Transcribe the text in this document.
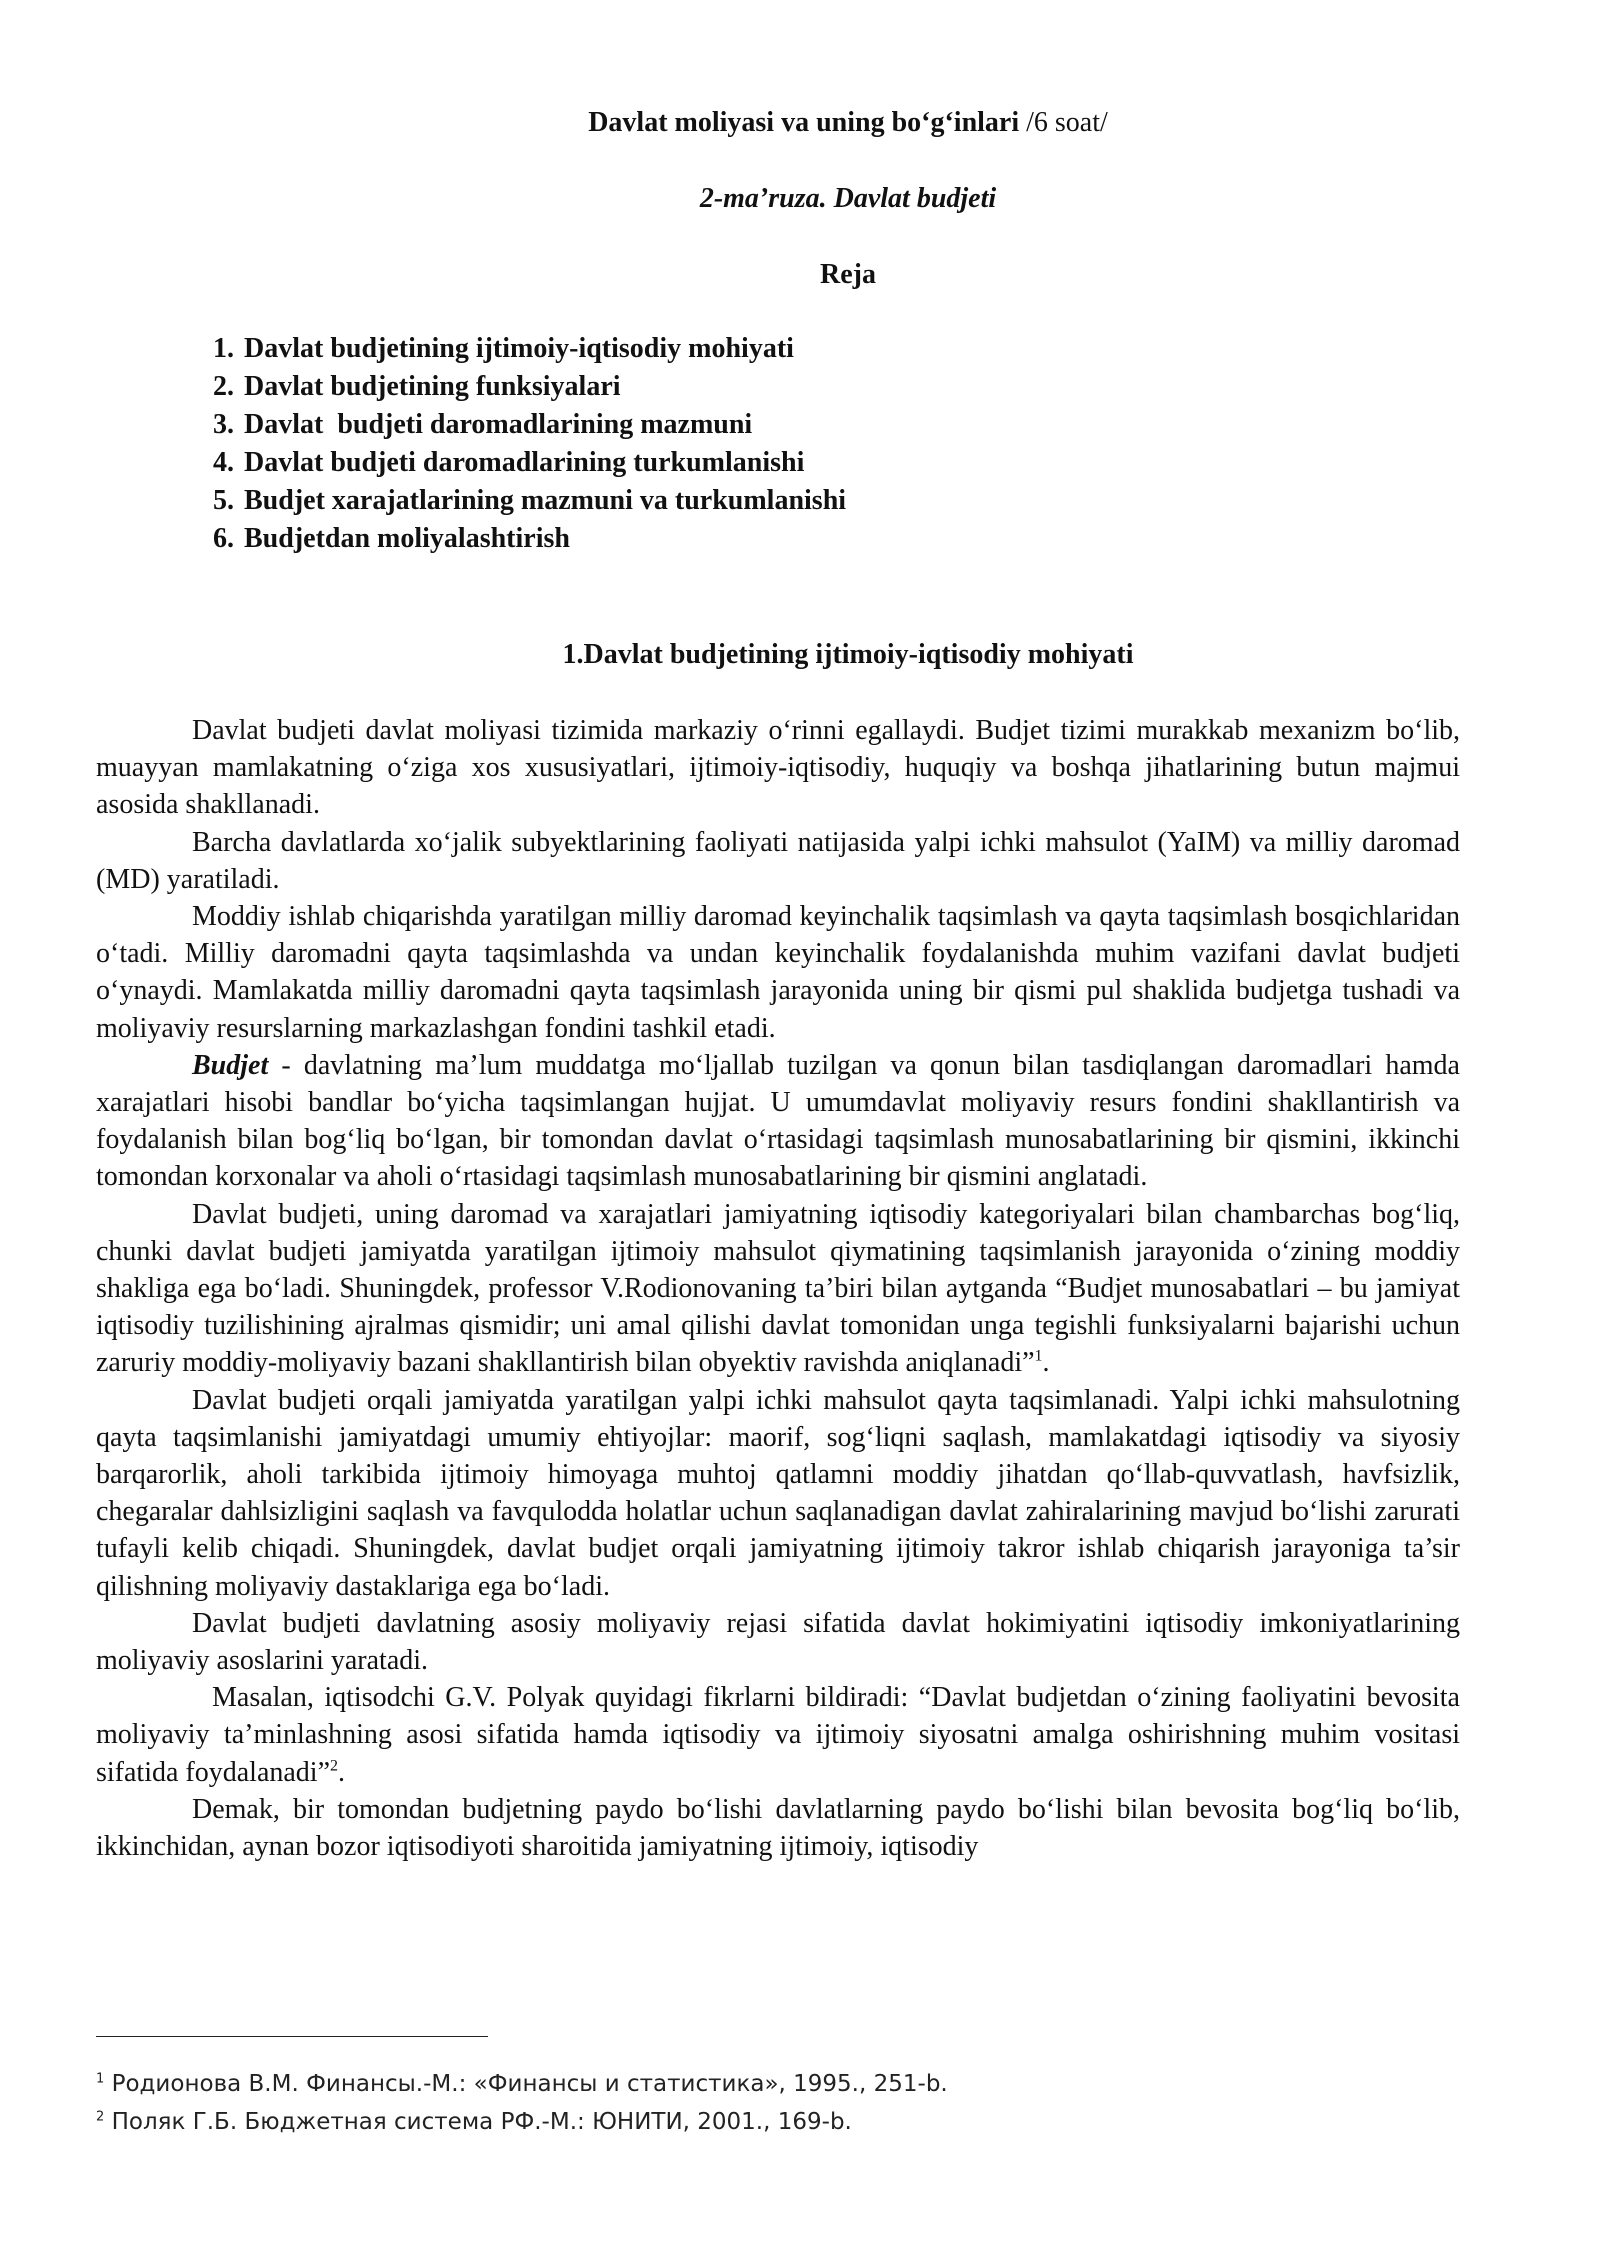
Davlat moliyasi va uning bo‘g‘inlari /6 soat/

2-ma’ruza. Davlat budjeti

Reja

1. Davlat budjetining ijtimoiy-iqtisodiy mohiyati
2. Davlat budjetining funksiyalari
3. Davlat  budjeti daromadlarining mazmuni
4. Davlat budjeti daromadlarining turkumlanishi
5. Budjet xarajatlarining mazmuni va turkumlanishi
6. Budjetdan moliyalashtirish

1.Davlat budjetining ijtimoiy-iqtisodiy mohiyati

Davlat budjeti davlat moliyasi tizimida markaziy o‘rinni egallaydi. Budjet tizimi murakkab mexanizm bo‘lib, muayyan mamlakatning o‘ziga xos xususiyatlari, ijtimoiy-iqtisodiy, huquqiy va boshqa jihatlarining butun majmui asosida shakllanadi.

Barcha davlatlarda xo‘jalik subyektlarining faoliyati natijasida yalpi ichki mahsulot (YaIM) va milliy daromad (MD) yaratiladi.

Moddiy ishlab chiqarishda yaratilgan milliy daromad keyinchalik taqsimlash va qayta taqsimlash bosqichlaridan o‘tadi. Milliy daromadni qayta taqsimlashda va undan keyinchalik foydalanishda muhim vazifani davlat budjeti o‘ynaydi. Mamlakatda milliy daromadni qayta taqsimlash jarayonida uning bir qismi pul shaklida budjetga tushadi va moliyaviy resurslarning markazlashgan fondini tashkil etadi.

Budjet - davlatning ma’lum muddatga mo‘ljallab tuzilgan va qonun bilan tasdiqlangan daromadlari hamda xarajatlari hisobi bandlar bo‘yicha taqsimlangan hujjat. U umumdavlat moliyaviy resurs fondini shakllantirish va foydalanish bilan bog‘liq bo‘lgan, bir tomondan davlat o‘rtasidagi taqsimlash munosabatlarining bir qismini, ikkinchi tomondan korxonalar va aholi o‘rtasidagi taqsimlash munosabatlarining bir qismini anglatadi.

Davlat budjeti, uning daromad va xarajatlari jamiyatning iqtisodiy kategoriyalari bilan chambarchas bog‘liq, chunki davlat budjeti jamiyatda yaratilgan ijtimoiy mahsulot qiymatining taqsimlanish jarayonida o‘zining moddiy shakliga ega bo‘ladi. Shuningdek, professor V.Rodionovaning ta’biri bilan aytganda “Budjet munosabatlari – bu jamiyat iqtisodiy tuzilishining ajralmas qismidir; uni amal qilishi davlat tomonidan unga tegishli funksiyalarni bajarishi uchun zaruriy moddiy-moliyaviy bazani shakllantirish bilan obyektiv ravishda aniqlanadi”$^1$.

Davlat budjeti orqali jamiyatda yaratilgan yalpi ichki mahsulot qayta taqsimlanadi. Yalpi ichki mahsulotning qayta taqsimlanishi jamiyatdagi umumiy ehtiyojlar: maorif, sog‘liqni saqlash, mamlakatdagi iqtisodiy va siyosiy barqarorlik, aholi tarkibida ijtimoiy himoyaga muhtoj qatlamni moddiy jihatdan qo‘llab-quvvatlash, havfsizlik, chegaralar dahlsizligini saqlash va favqulodda holatlar uchun saqlanadigan davlat zahiralarining mavjud bo‘lishi zarurati tufayli kelib chiqadi. Shuningdek, davlat budjet orqali jamiyatning ijtimoiy takror ishlab chiqarish jarayoniga ta’sir qilishning moliyaviy dastaklariga ega bo‘ladi.

Davlat budjeti davlatning asosiy moliyaviy rejasi sifatida davlat hokimiyatini iqtisodiy imkoniyatlarining moliyaviy asoslarini yaratadi.

Masalan, iqtisodchi G.V. Polyak quyidagi fikrlarni bildiradi: “Davlat budjetdan o‘zining faoliyatini bevosita moliyaviy ta’minlashning asosi sifatida hamda iqtisodiy va ijtimoiy siyosatni amalga oshirishning muhim vositasi sifatida foydalanadi”$^2$.

Demak, bir tomondan budjetning paydo bo‘lishi davlatlarning paydo bo‘lishi bilan bevosita bog‘liq bo‘lib, ikkinchidan, aynan bozor iqtisodiyoti sharoitida jamiyatning ijtimoiy, iqtisodiy

$^1$ Родионова В.М. Финансы.-М.: «Финансы и статистика», 1995., 251-b.
$^2$ Поляк Г.Б. Бюджетная система РФ.-М.: ЮНИТИ, 2001., 169-b.
